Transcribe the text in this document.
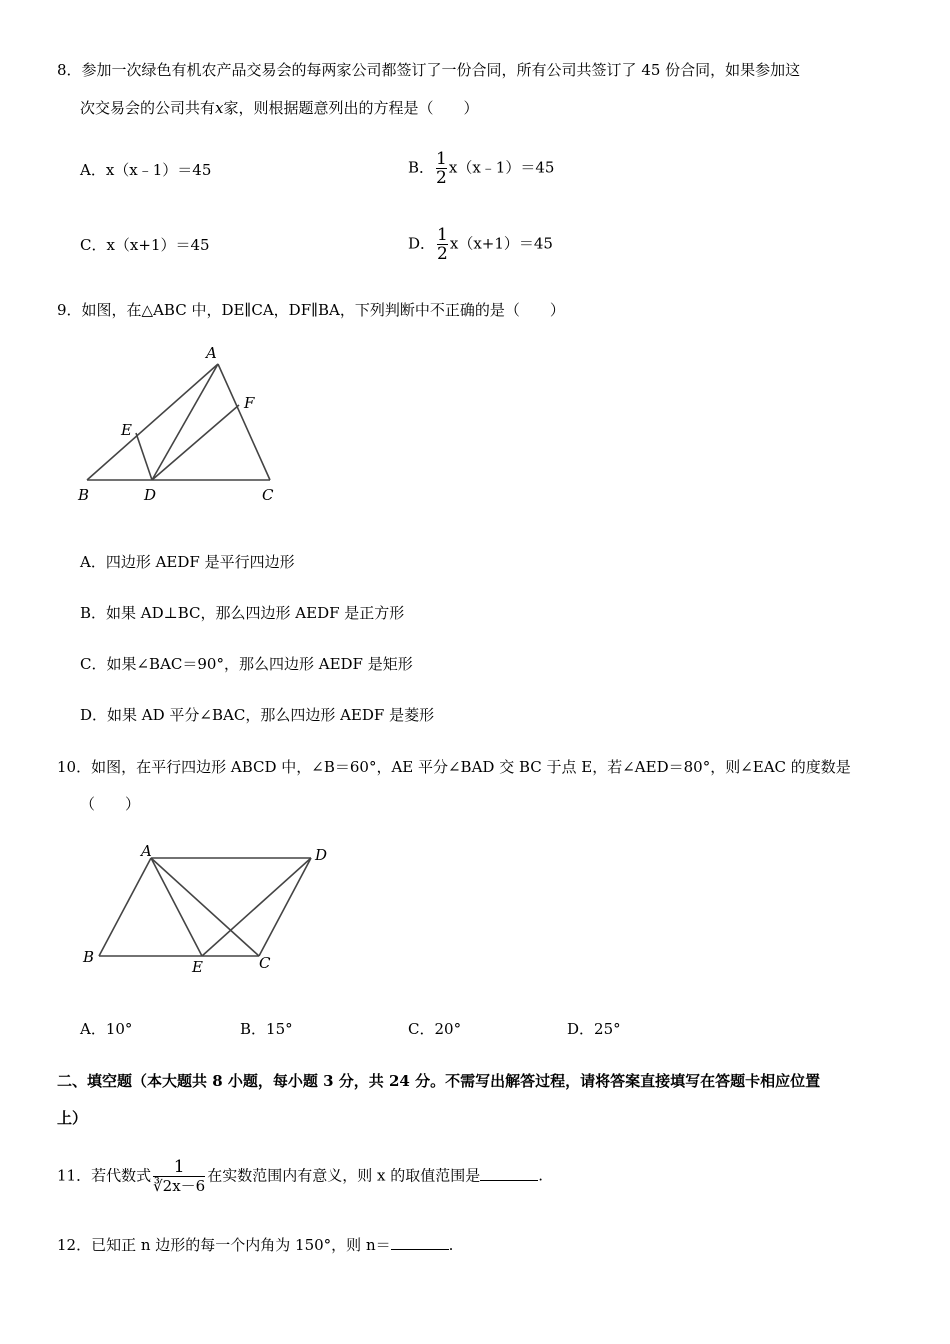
8．参加一次绿色有机农产品交易会的每两家公司都签订了一份合同，所有公司共签订了 45 份合同，如果参加这
次交易会的公司共有x家，则根据题意列出的方程是（　　）
A．x（x﹣1）＝45	B． $\frac{1}{2}$ x（x﹣1）＝45
C．x（x+1）＝45	D． $\frac{1}{2} x(x+1)=45$
9．如图，在△ABC 中，DE∥CA，DF∥BA，下列判断中不正确的是（　　）
A
B	C
D
E
F
A．四边形 AEDF 是平行四边形
B．如果 AD⊥BC，那么四边形 AEDF 是正方形
C．如果∠BAC＝90°，那么四边形 AEDF 是矩形
D．如果 AD 平分∠BAC，那么四边形 AEDF 是菱形
10．如图，在平行四边形 ABCD 中，∠B＝60°，AE 平分∠BAD 交 BC 于点 E，若∠AED＝80°，则∠EAC 的度数是
（　　）
A
B	C
D
E
A．10°	B．15°	C．20°	D．25°
二、填空题（本大题共 8 小题，每小题 3 分，共 24 分。不需写出解答过程，请将答案直接填写在答题卡相应位置
上）
11．若代数式 $\frac{1}{∛2x-6}$ 在实数范围内有意义，则 x 的取值范围是	.
12．已知正 n 边形的每一个内角为 150°，则 n＝	.
